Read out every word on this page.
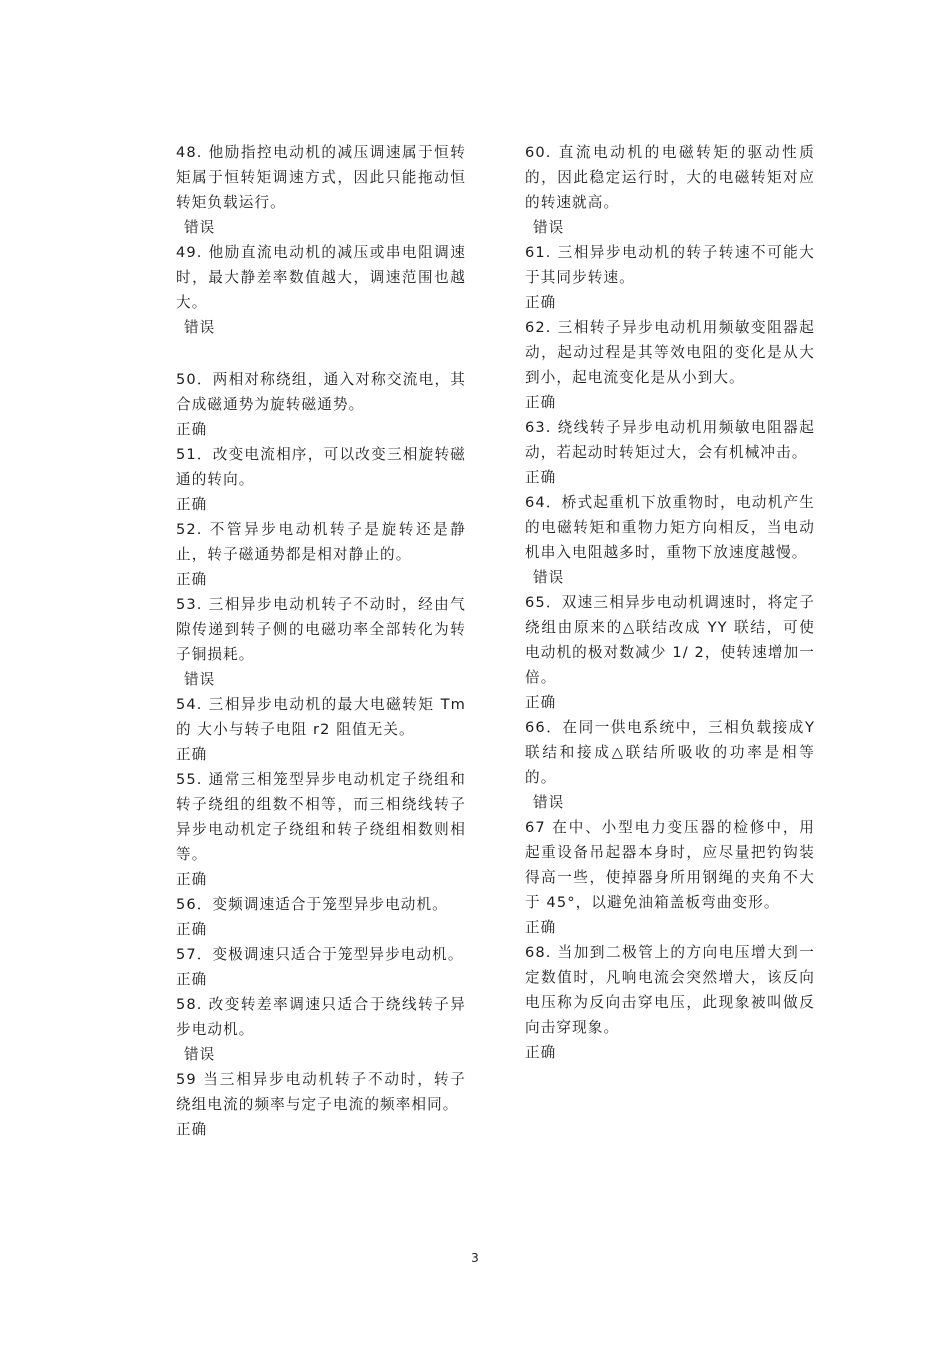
48. 他励指控电动机的减压调速属于恒转矩属于恒转矩调速方式，因此只能拖动恒转矩负载运行。

错误

49. 他励直流电动机的减压或串电阻调速时，最大静差率数值越大，调速范围也越大。

错误

50．两相对称绕组，通入对称交流电，其合成磁通势为旋转磁通势。

正确

51．改变电流相序，可以改变三相旋转磁通的转向。

正确

52. 不管异步电动机转子是旋转还是静止，转子磁通势都是相对静止的。

正确

53. 三相异步电动机转子不动时，经由气隙传递到转子侧的电磁功率全部转化为转子铜损耗。

错误

54. 三相异步电动机的最大电磁转矩 Tm 的 大小与转子电阻 r2 阻值无关。

正确

55. 通常三相笼型异步电动机定子绕组和转子绕组的组数不相等，而三相绕线转子异步电动机定子绕组和转子绕组相数则相等。

正确

56．变频调速适合于笼型异步电动机。

正确

57．变极调速只适合于笼型异步电动机。

正确

58. 改变转差率调速只适合于绕线转子异步电动机。

错误

59 当三相异步电动机转子不动时，转子绕组电流的频率与定子电流的频率相同。

正确

60. 直流电动机的电磁转矩的驱动性质的，因此稳定运行时，大的电磁转矩对应的转速就高。

错误

61. 三相异步电动机的转子转速不可能大于其同步转速。

正确

62. 三相转子异步电动机用频敏变阻器起动，起动过程是其等效电阻的变化是从大到小，起电流变化是从小到大。

正确

63. 绕线转子异步电动机用频敏电阻器起动，若起动时转矩过大，会有机械冲击。

正确

64．桥式起重机下放重物时，电动机产生的电磁转矩和重物力矩方向相反，当电动机串入电阻越多时，重物下放速度越慢。

错误

65．双速三相异步电动机调速时，将定子绕组由原来的△联结改成 YY 联结，可使电动机的极对数减少 1/ 2，使转速增加一倍。

正确

66．在同一供电系统中，三相负载接成Y联结和接成△联结所吸收的功率是相等的。

错误

67 在中、小型电力变压器的检修中，用起重设备吊起器本身时，应尽量把钓钩装得高一些，使掉器身所用钢绳的夹角不大于 45°，以避免油箱盖板弯曲变形。

正确

68. 当加到二极管上的方向电压增大到一定数值时，凡响电流会突然增大，该反向电压称为反向击穿电压，此现象被叫做反向击穿现象。

正确

3
